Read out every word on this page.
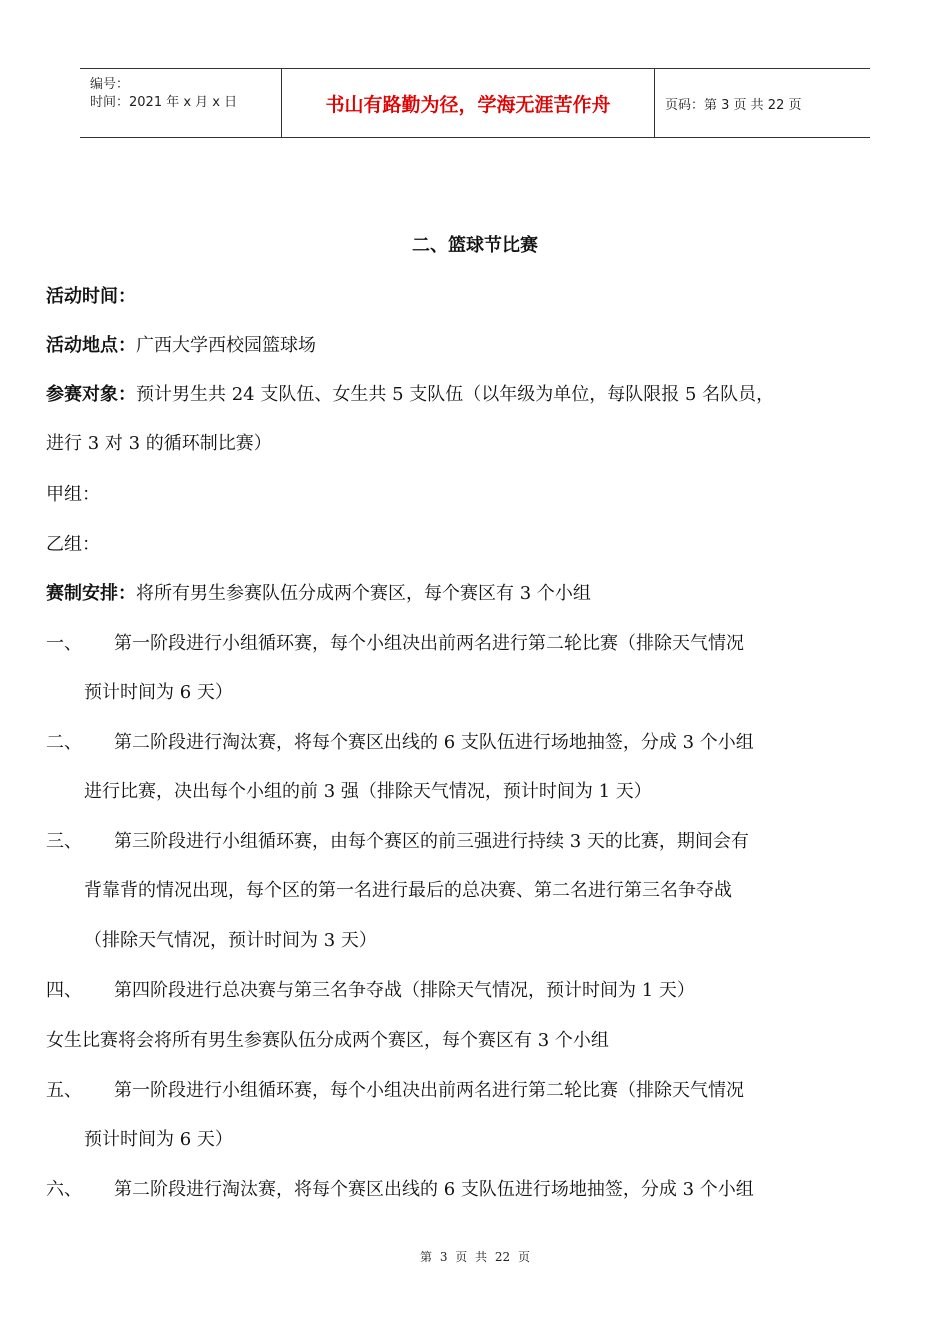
编号：
时间：2021 年 x 月 x 日	书山有路勤为径，学海无涯苦作舟	页码：第 3 页 共 22 页
二、篮球节比赛
活动时间：
活动地点：广西大学西校园篮球场
参赛对象：预计男生共 24 支队伍、女生共 5 支队伍（以年级为单位，每队限报 5 名队员，
进行 3 对 3 的循环制比赛）
甲组：
乙组：
赛制安排：将所有男生参赛队伍分成两个赛区，每个赛区有 3 个小组
一、 第一阶段进行小组循环赛，每个小组决出前两名进行第二轮比赛（排除天气情况
预计时间为 6 天）
二、 第二阶段进行淘汰赛，将每个赛区出线的 6 支队伍进行场地抽签，分成 3 个小组
进行比赛，决出每个小组的前 3 强（排除天气情况，预计时间为 1 天）
三、 第三阶段进行小组循环赛，由每个赛区的前三强进行持续 3 天的比赛，期间会有
背靠背的情况出现，每个区的第一名进行最后的总决赛、第二名进行第三名争夺战
（排除天气情况，预计时间为 3 天）
四、 第四阶段进行总决赛与第三名争夺战（排除天气情况，预计时间为 1 天）
女生比赛将会将所有男生参赛队伍分成两个赛区，每个赛区有 3 个小组
五、 第一阶段进行小组循环赛，每个小组决出前两名进行第二轮比赛（排除天气情况
预计时间为 6 天）
六、 第二阶段进行淘汰赛，将每个赛区出线的 6 支队伍进行场地抽签，分成 3 个小组
第 3 页 共 22 页
